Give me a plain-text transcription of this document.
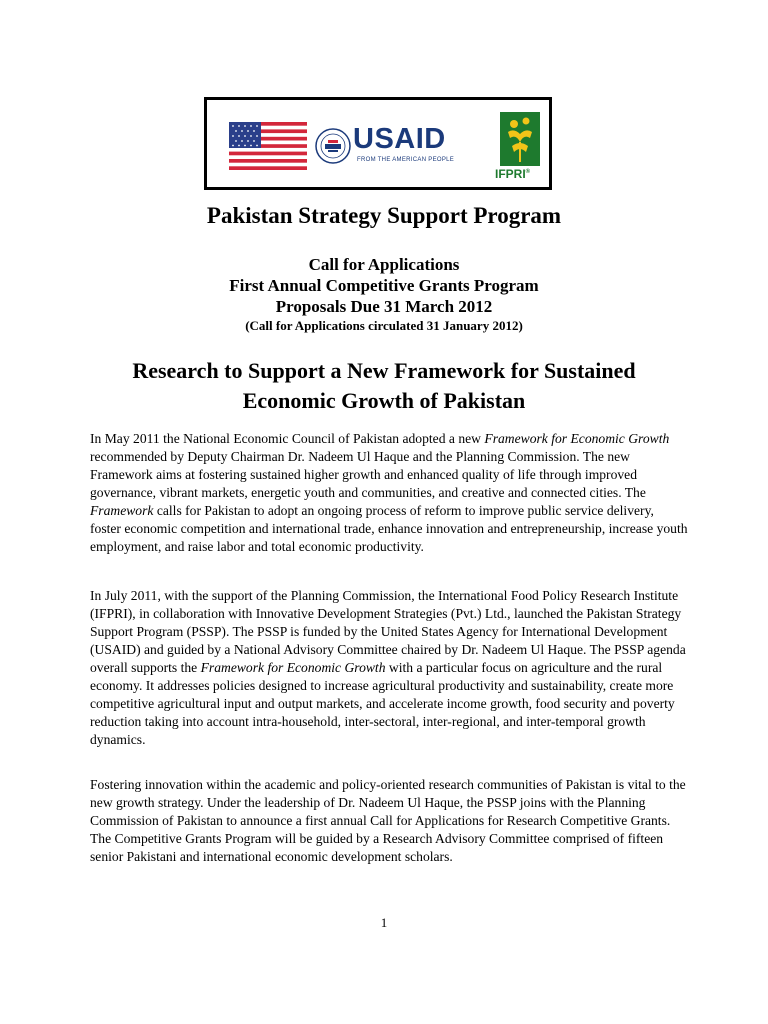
USAID
FROM THE AMERICAN PEOPLE
IFPRI®
Pakistan Strategy Support Program
Call for Applications
First Annual Competitive Grants Program
Proposals Due 31 March 2012
(Call for Applications circulated 31 January 2012)
Research to Support a New Framework for Sustained
Economic Growth of Pakistan

In May 2011 the National Economic Council of Pakistan adopted a new Framework for Economic Growth recommended by Deputy Chairman Dr. Nadeem Ul Haque and the Planning Commission. The new Framework aims at fostering sustained higher growth and enhanced quality of life through improved governance, vibrant markets, energetic youth and communities, and creative and connected cities. The Framework calls for Pakistan to adopt an ongoing process of reform to improve public service delivery, foster economic competition and international trade, enhance innovation and entrepreneurship, increase youth employment, and raise labor and total economic productivity.

In July 2011, with the support of the Planning Commission, the International Food Policy Research Institute (IFPRI), in collaboration with Innovative Development Strategies (Pvt.) Ltd., launched the Pakistan Strategy Support Program (PSSP). The PSSP is funded by the United States Agency for International Development (USAID) and guided by a National Advisory Committee chaired by Dr. Nadeem Ul Haque. The PSSP agenda overall supports the Framework for Economic Growth with a particular focus on agriculture and the rural economy. It addresses policies designed to increase agricultural productivity and sustainability, create more competitive agricultural input and output markets, and accelerate income growth, food security and poverty reduction taking into account intra-household, inter-sectoral, inter-regional, and inter-temporal growth dynamics.

Fostering innovation within the academic and policy-oriented research communities of Pakistan is vital to the new growth strategy. Under the leadership of Dr. Nadeem Ul Haque, the PSSP joins with the Planning Commission of Pakistan to announce a first annual Call for Applications for Research Competitive Grants. The Competitive Grants Program will be guided by a Research Advisory Committee comprised of fifteen senior Pakistani and international economic development scholars.

1
